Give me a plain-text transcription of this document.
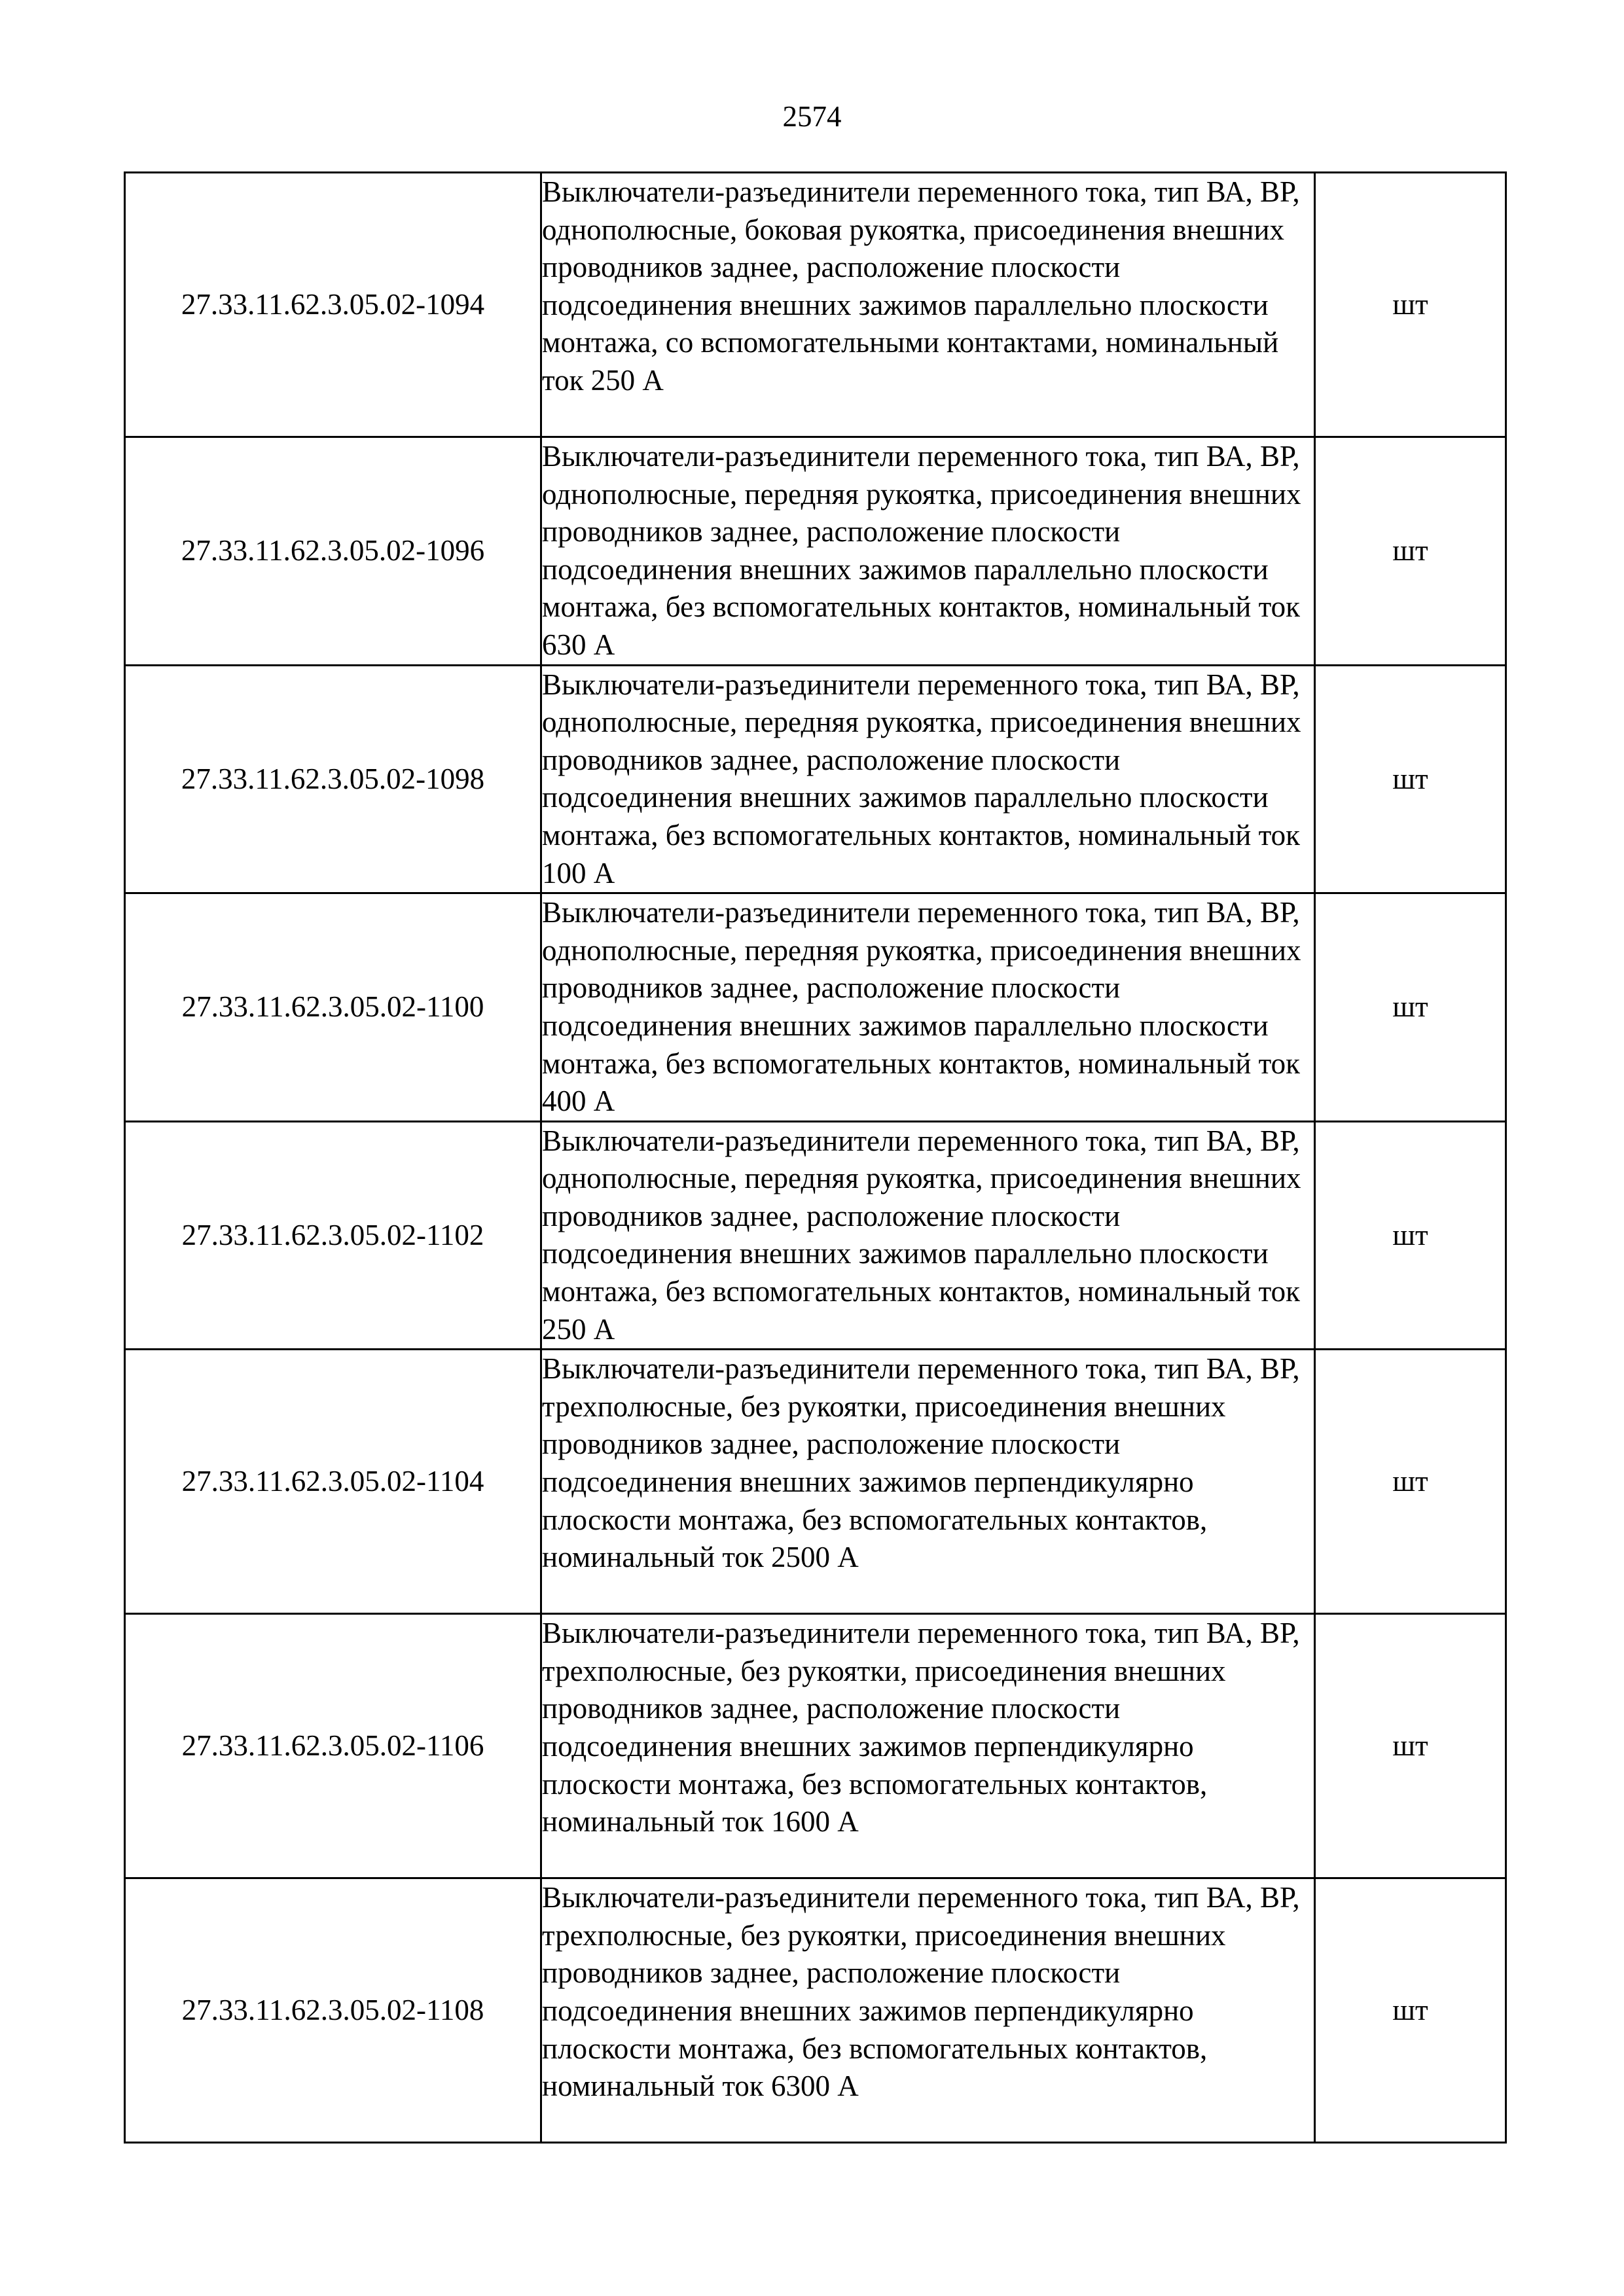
2574
27.33.11.62.3.05.02-1094	Выключатели-разъединители переменного тока, тип ВА, ВР, однополюсные, боковая рукоятка, присоединения внешних проводников заднее, расположение плоскости подсоединения внешних зажимов параллельно плоскости монтажа, со вспомогательными контактами, номинальный ток 250 А	шт
27.33.11.62.3.05.02-1096	Выключатели-разъединители переменного тока, тип ВА, ВР, однополюсные, передняя рукоятка, присоединения внешних проводников заднее, расположение плоскости подсоединения внешних зажимов параллельно плоскости монтажа, без вспомогательных контактов, номинальный ток 630 А	шт
27.33.11.62.3.05.02-1098	Выключатели-разъединители переменного тока, тип ВА, ВР, однополюсные, передняя рукоятка, присоединения внешних проводников заднее, расположение плоскости подсоединения внешних зажимов параллельно плоскости монтажа, без вспомогательных контактов, номинальный ток 100 А	шт
27.33.11.62.3.05.02-1100	Выключатели-разъединители переменного тока, тип ВА, ВР, однополюсные, передняя рукоятка, присоединения внешних проводников заднее, расположение плоскости подсоединения внешних зажимов параллельно плоскости монтажа, без вспомогательных контактов, номинальный ток 400 А	шт
27.33.11.62.3.05.02-1102	Выключатели-разъединители переменного тока, тип ВА, ВР, однополюсные, передняя рукоятка, присоединения внешних проводников заднее, расположение плоскости подсоединения внешних зажимов параллельно плоскости монтажа, без вспомогательных контактов, номинальный ток 250 А	шт
27.33.11.62.3.05.02-1104	Выключатели-разъединители переменного тока, тип ВА, ВР, трехполюсные, без рукоятки, присоединения внешних проводников заднее, расположение плоскости подсоединения внешних зажимов перпендикулярно плоскости монтажа, без вспомогательных контактов, номинальный ток 2500 А	шт
27.33.11.62.3.05.02-1106	Выключатели-разъединители переменного тока, тип ВА, ВР, трехполюсные, без рукоятки, присоединения внешних проводников заднее, расположение плоскости подсоединения внешних зажимов перпендикулярно плоскости монтажа, без вспомогательных контактов, номинальный ток 1600 А	шт
27.33.11.62.3.05.02-1108	Выключатели-разъединители переменного тока, тип ВА, ВР, трехполюсные, без рукоятки, присоединения внешних проводников заднее, расположение плоскости подсоединения внешних зажимов перпендикулярно плоскости монтажа, без вспомогательных контактов, номинальный ток 6300 А	шт
